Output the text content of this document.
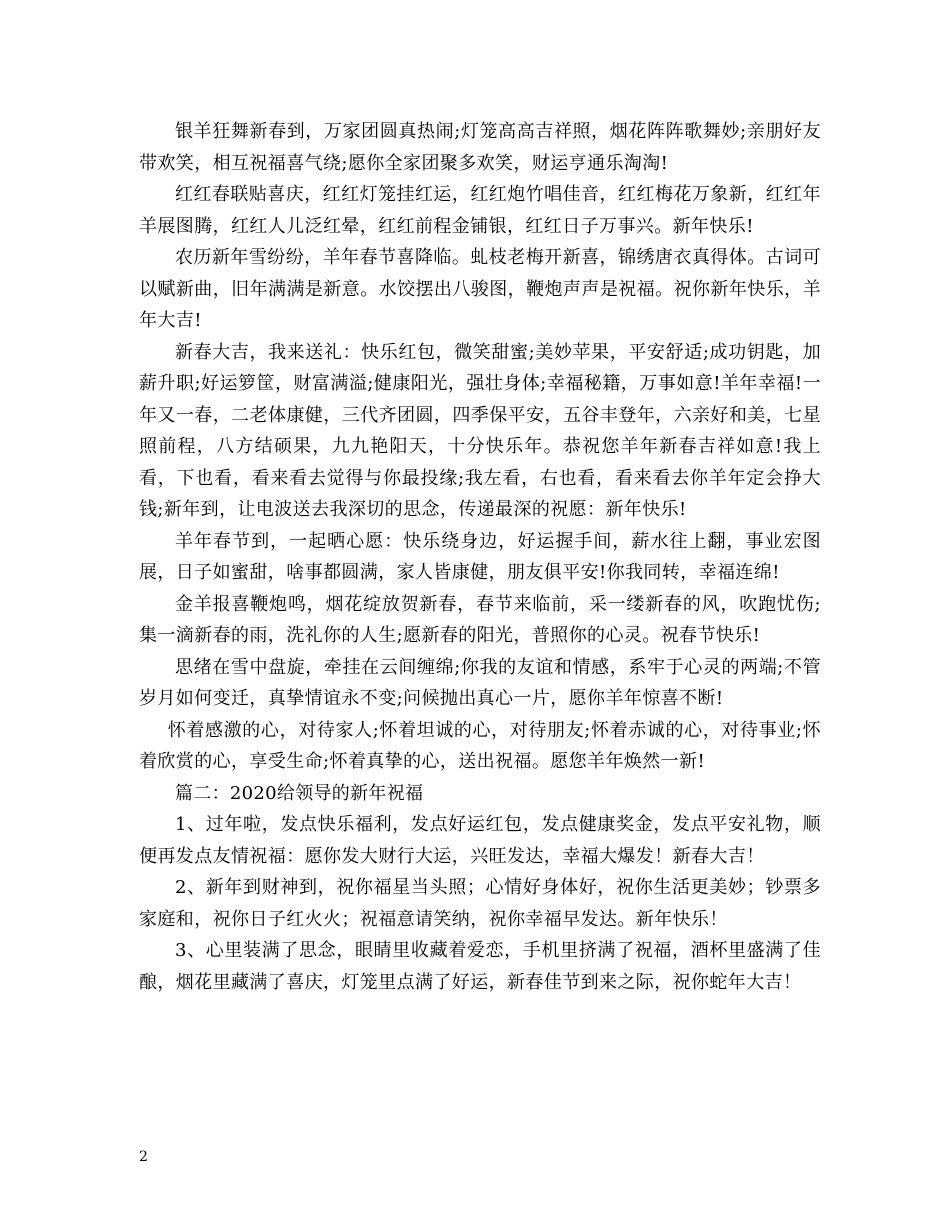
银羊狂舞新春到，万家团圆真热闹;灯笼高高吉祥照，烟花阵阵歌舞妙;亲朋好友带欢笑，相互祝福喜气绕;愿你全家团聚多欢笑，财运亨通乐淘淘!

红红春联贴喜庆，红红灯笼挂红运，红红炮竹唱佳音，红红梅花万象新，红红年羊展图腾，红红人儿泛红晕，红红前程金铺银，红红日子万事兴。新年快乐!

农历新年雪纷纷，羊年春节喜降临。虬枝老梅开新喜，锦绣唐衣真得体。古词可以赋新曲，旧年满满是新意。水饺摆出八骏图，鞭炮声声是祝福。祝你新年快乐，羊年大吉!

新春大吉，我来送礼：快乐红包，微笑甜蜜;美妙苹果，平安舒适;成功钥匙，加薪升职;好运箩筐，财富满溢;健康阳光，强壮身体;幸福秘籍，万事如意!羊年幸福!一年又一春，二老体康健，三代齐团圆，四季保平安，五谷丰登年，六亲好和美，七星照前程，八方结硕果，九九艳阳天，十分快乐年。恭祝您羊年新春吉祥如意!我上看，下也看，看来看去觉得与你最投缘;我左看，右也看，看来看去你羊年定会挣大钱;新年到，让电波送去我深切的思念，传递最深的祝愿：新年快乐!

羊年春节到，一起晒心愿：快乐绕身边，好运握手间，薪水往上翻，事业宏图展，日子如蜜甜，啥事都圆满，家人皆康健，朋友俱平安!你我同转，幸福连绵!

金羊报喜鞭炮鸣，烟花绽放贺新春，春节来临前，采一缕新春的风，吹跑忧伤;集一滴新春的雨，洗礼你的人生;愿新春的阳光，普照你的心灵。祝春节快乐!

思绪在雪中盘旋，牵挂在云间缠绵;你我的友谊和情感，系牢于心灵的两端;不管岁月如何变迁，真挚情谊永不变;问候抛出真心一片，愿你羊年惊喜不断!

怀着感激的心，对待家人;怀着坦诚的心，对待朋友;怀着赤诚的心，对待事业;怀着欣赏的心，享受生命;怀着真挚的心，送出祝福。愿您羊年焕然一新!

篇二：2020给领导的新年祝福

1、过年啦，发点快乐福利，发点好运红包，发点健康奖金，发点平安礼物，顺便再发点友情祝福：愿你发大财行大运，兴旺发达，幸福大爆发！新春大吉！

2、新年到财神到，祝你福星当头照；心情好身体好，祝你生活更美妙；钞票多家庭和，祝你日子红火火；祝福意请笑纳，祝你幸福早发达。新年快乐！

3、心里装满了思念，眼睛里收藏着爱恋，手机里挤满了祝福，酒杯里盛满了佳酿，烟花里藏满了喜庆，灯笼里点满了好运，新春佳节到来之际，祝你蛇年大吉！

2
